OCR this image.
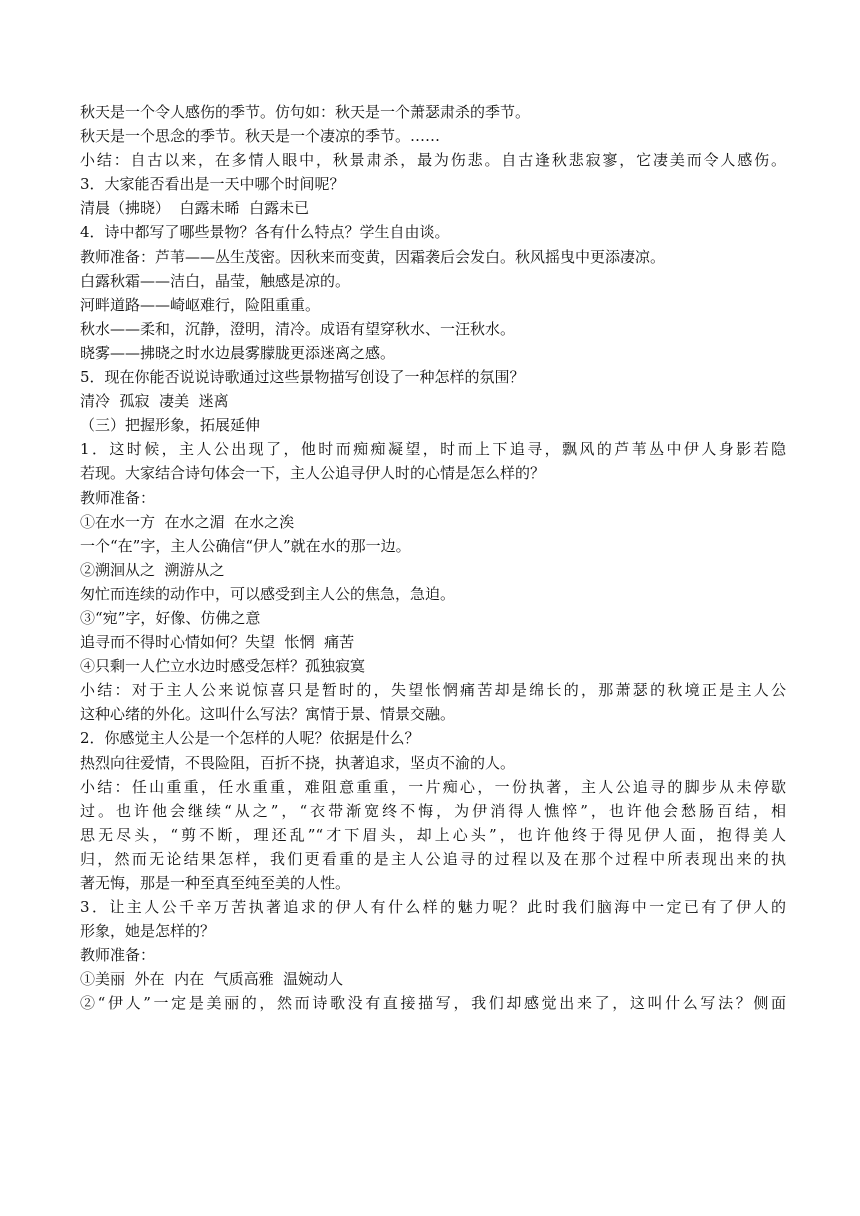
秋天是一个令人感伤的季节。仿句如：秋天是一个萧瑟肃杀的季节。

秋天是一个思念的季节。秋天是一个凄凉的季节。……

小结：自古以来，在多情人眼中，秋景肃杀，最为伤悲。自古逢秋悲寂寥，它凄美而令人感伤。

3．大家能否看出是一天中哪个时间呢？

清晨（拂晓）  白露未晞  白露未已

4．诗中都写了哪些景物？各有什么特点？学生自由谈。

教师准备：芦苇——丛生茂密。因秋来而变黄，因霜袭后会发白。秋风摇曳中更添凄凉。

白露秋霜——洁白，晶莹，触感是凉的。

河畔道路——崎岖难行，险阻重重。

秋水——柔和，沉静，澄明，清冷。成语有望穿秋水、一汪秋水。

晓雾——拂晓之时水边晨雾朦胧更添迷离之感。

5．现在你能否说说诗歌通过这些景物描写创设了一种怎样的氛围？

清冷  孤寂  凄美  迷离

（三）把握形象，拓展延伸

1．这时候，主人公出现了，他时而痴痴凝望，时而上下追寻，飘风的芦苇丛中伊人身影若隐

若现。大家结合诗句体会一下，主人公追寻伊人时的心情是怎么样的？

教师准备：

①在水一方  在水之湄  在水之涘

一个“在”字，主人公确信“伊人”就在水的那一边。

②溯洄从之  溯游从之

匆忙而连续的动作中，可以感受到主人公的焦急，急迫。

③“宛”字，好像、仿佛之意

追寻而不得时心情如何？失望  怅惘  痛苦

④只剩一人伫立水边时感受怎样？孤独寂寞

小结：对于主人公来说惊喜只是暂时的，失望怅惘痛苦却是绵长的，那萧瑟的秋境正是主人公

这种心绪的外化。这叫什么写法？寓情于景、情景交融。

2．你感觉主人公是一个怎样的人呢？依据是什么？

热烈向往爱情，不畏险阻，百折不挠，执著追求，坚贞不渝的人。

小结：任山重重，任水重重，难阻意重重，一片痴心，一份执著，主人公追寻的脚步从未停歇

过。也许他会继续“从之”，“衣带渐宽终不悔，为伊消得人憔悴”，也许他会愁肠百结，相

思无尽头，“剪不断，理还乱”“才下眉头，却上心头”，也许他终于得见伊人面，抱得美人

归，然而无论结果怎样，我们更看重的是主人公追寻的过程以及在那个过程中所表现出来的执

著无悔，那是一种至真至纯至美的人性。

3．让主人公千辛万苦执著追求的伊人有什么样的魅力呢？此时我们脑海中一定已有了伊人的

形象，她是怎样的？

教师准备：

①美丽  外在  内在  气质高雅  温婉动人

②“伊人”一定是美丽的，然而诗歌没有直接描写，我们却感觉出来了，这叫什么写法？侧面
